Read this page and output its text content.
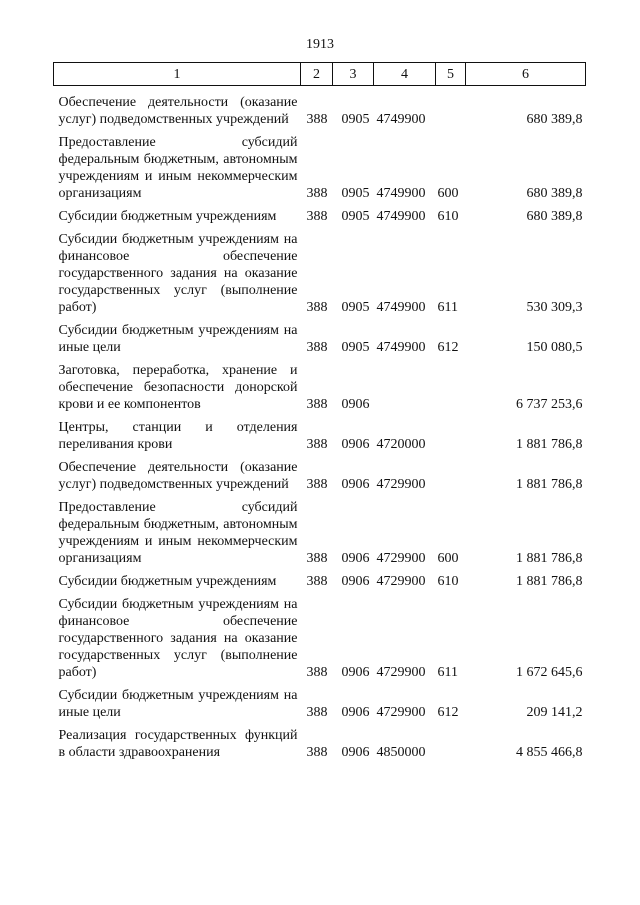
1913
1	2	3	4	5	6
Обеспечение деятельности (оказание услуг) подведомственных учреждений	388	0905	4749900		680 389,8
Предоставление субсидий федеральным бюджетным, автономным учреждениям и иным некоммерческим организациям	388	0905	4749900	600	680 389,8
Субсидии бюджетным учреждениям	388	0905	4749900	610	680 389,8
Субсидии бюджетным учреждениям на финансовое обеспечение государственного задания на оказание государственных услуг (выполнение работ)	388	0905	4749900	611	530 309,3
Субсидии бюджетным учреждениям на иные цели	388	0905	4749900	612	150 080,5
Заготовка, переработка, хранение и обеспечение безопасности донорской крови и ее компонентов	388	0906			6 737 253,6
Центры, станции и отделения переливания крови	388	0906	4720000		1 881 786,8
Обеспечение деятельности (оказание услуг) подведомственных учреждений	388	0906	4729900		1 881 786,8
Предоставление субсидий федеральным бюджетным, автономным учреждениям и иным некоммерческим организациям	388	0906	4729900	600	1 881 786,8
Субсидии бюджетным учреждениям	388	0906	4729900	610	1 881 786,8
Субсидии бюджетным учреждениям на финансовое обеспечение государственного задания на оказание государственных услуг (выполнение работ)	388	0906	4729900	611	1 672 645,6
Субсидии бюджетным учреждениям на иные цели	388	0906	4729900	612	209 141,2
Реализация государственных функций в области здравоохранения	388	0906	4850000		4 855 466,8
